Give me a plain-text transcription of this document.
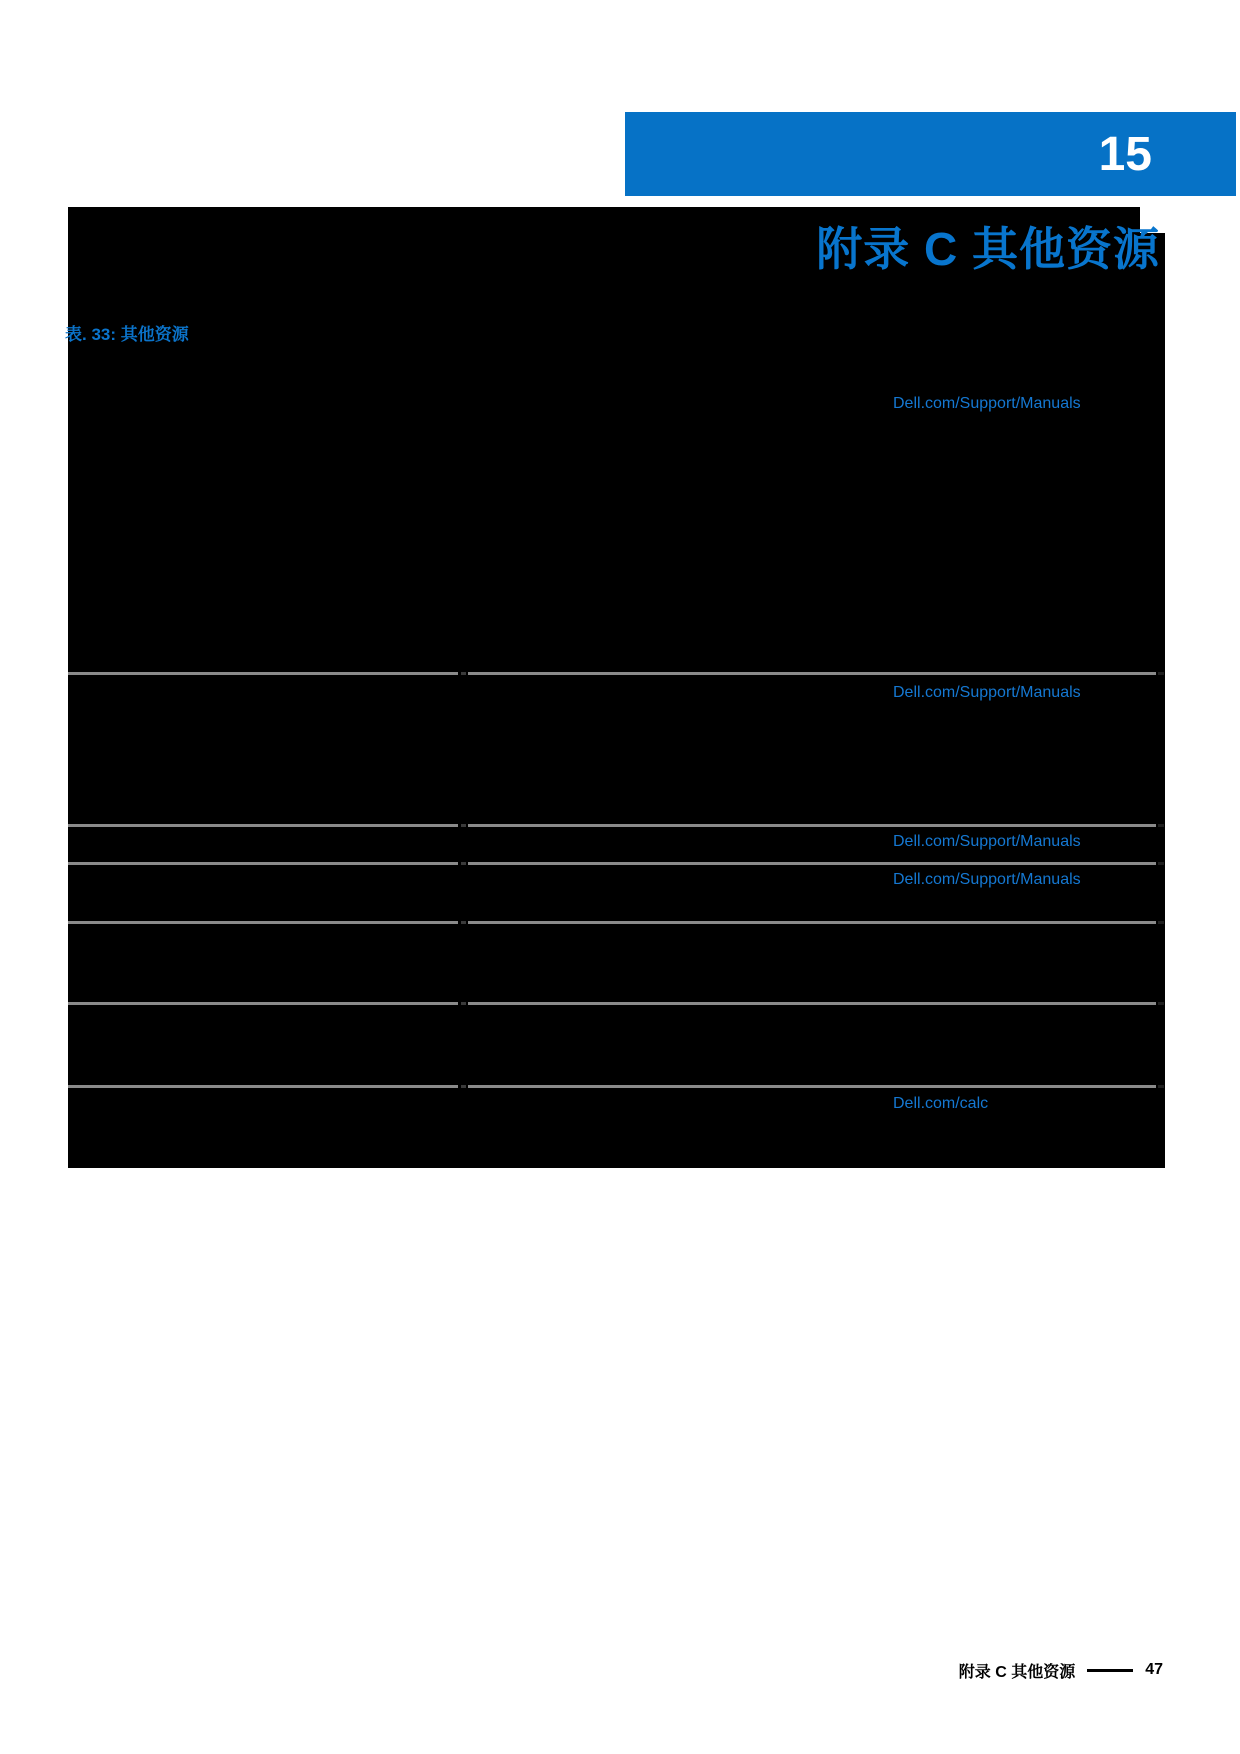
15
附录 C 其他资源
表. 33: 其他资源
Dell.com/Support/Manuals
Dell.com/Support/Manuals
Dell.com/Support/Manuals
Dell.com/Support/Manuals
Dell.com/calc
附录 C 其他资源	47
